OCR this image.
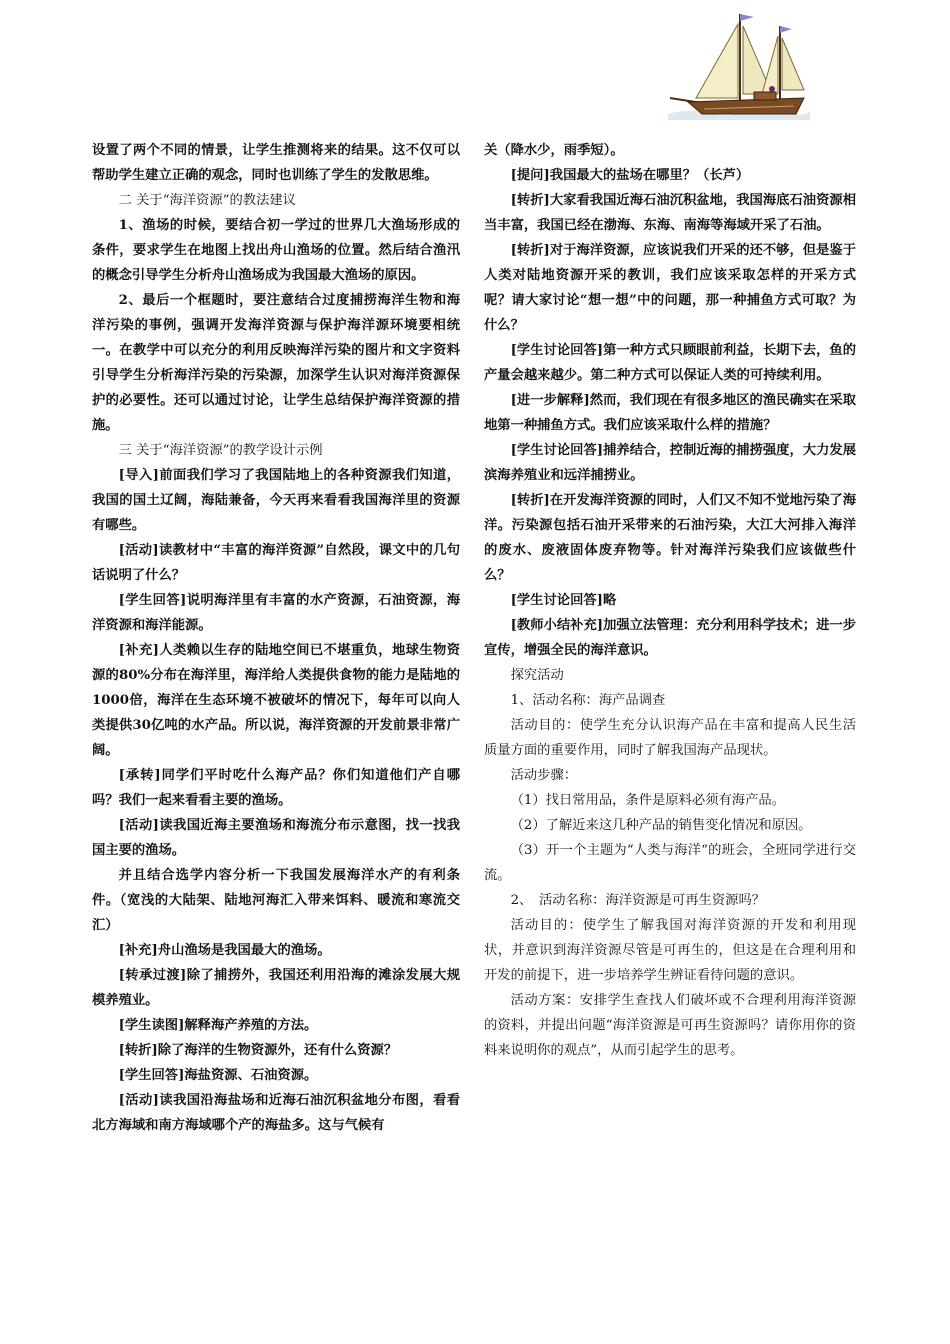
设置了两个不同的情景，让学生推测将来的结果。这不仅可以帮助学生建立正确的观念，同时也训练了学生的发散思维。

二 关于“海洋资源”的教法建议

1、渔场的时候，要结合初一学过的世界几大渔场形成的条件，要求学生在地图上找出舟山渔场的位置。然后结合渔汛的概念引导学生分析舟山渔场成为我国最大渔场的原因。

2、最后一个框题时，要注意结合过度捕捞海洋生物和海洋污染的事例，强调开发海洋资源与保护海洋源环境要相统一。在教学中可以充分的利用反映海洋污染的图片和文字资料引导学生分析海洋污染的污染源，加深学生认识对海洋资源保护的必要性。还可以通过讨论，让学生总结保护海洋资源的措施。

三 关于“海洋资源”的教学设计示例

[导入]前面我们学习了我国陆地上的各种资源我们知道，我国的国土辽阔，海陆兼备，今天再来看看我国海洋里的资源有哪些。

[活动]读教材中“丰富的海洋资源”自然段，课文中的几句话说明了什么？

[学生回答]说明海洋里有丰富的水产资源，石油资源，海洋资源和海洋能源。

[补充]人类赖以生存的陆地空间已不堪重负，地球生物资源的80%分布在海洋里，海洋给人类提供食物的能力是陆地的1000倍，海洋在生态环境不被破坏的情况下，每年可以向人类提供30亿吨的水产品。所以说，海洋资源的开发前景非常广阔。

[承转]同学们平时吃什么海产品？你们知道他们产自哪吗？我们一起来看看主要的渔场。

[活动]读我国近海主要渔场和海流分布示意图，找一找我国主要的渔场。

并且结合选学内容分析一下我国发展海洋水产的有利条件。（宽浅的大陆架、陆地河海汇入带来饵料、暖流和寒流交汇）

[补充]舟山渔场是我国最大的渔场。

[转承过渡]除了捕捞外，我国还利用沿海的滩涂发展大规模养殖业。

[学生读图]解释海产养殖的方法。

[转折]除了海洋的生物资源外，还有什么资源？

[学生回答]海盐资源、石油资源。

[活动]读我国沿海盐场和近海石油沉积盆地分布图，看看北方海域和南方海域哪个产的海盐多。这与气候有

关（降水少，雨季短）。

[提问]我国最大的盐场在哪里？（长芦）

[转折]大家看我国近海石油沉积盆地，我国海底石油资源相当丰富，我国已经在渤海、东海、南海等海域开采了石油。

[转折]对于海洋资源，应该说我们开采的还不够，但是鉴于人类对陆地资源开采的教训，我们应该采取怎样的开采方式呢？请大家讨论“想一想”中的问题，那一种捕鱼方式可取？为什么？

[学生讨论回答]第一种方式只顾眼前利益，长期下去，鱼的产量会越来越少。第二种方式可以保证人类的可持续利用。

[进一步解释]然而，我们现在有很多地区的渔民确实在采取地第一种捕鱼方式。我们应该采取什么样的措施？

[学生讨论回答]捕养结合，控制近海的捕捞强度，大力发展滨海养殖业和远洋捕捞业。

[转折]在开发海洋资源的同时，人们又不知不觉地污染了海洋。污染源包括石油开采带来的石油污染，大江大河排入海洋的废水、废液固体废弃物等。针对海洋污染我们应该做些什么？

[学生讨论回答]略

[教师小结补充]加强立法管理：充分利用科学技术；进一步宣传，增强全民的海洋意识。

探究活动

1、活动名称：海产品调查

活动目的：使学生充分认识海产品在丰富和提高人民生活质量方面的重要作用，同时了解我国海产品现状。

活动步骤：

（1）找日常用品，条件是原料必须有海产品。

（2）了解近来这几种产品的销售变化情况和原因。

（3）开一个主题为“人类与海洋“的班会，全班同学进行交流。

2、　活动名称：海洋资源是可再生资源吗？

活动目的：使学生了解我国对海洋资源的开发和利用现状，并意识到海洋资源尽管是可再生的，但这是在合理利用和开发的前提下，进一步培养学生辨证看待问题的意识。

活动方案：安排学生查找人们破坏或不合理利用海洋资源的资料，并提出问题“海洋资源是可再生资源吗？请你用你的资料来说明你的观点”，从而引起学生的思考。
